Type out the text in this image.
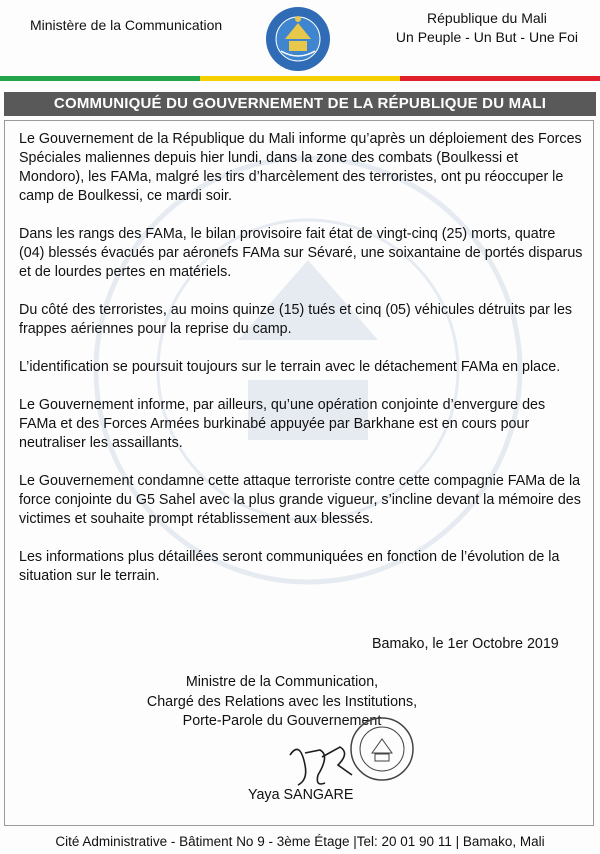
Ministère de la Communication	République du Mali
Un Peuple - Un But - Une Foi
COMMUNIQUÉ DU GOUVERNEMENT DE LA RÉPUBLIQUE DU MALI

Le Gouvernement de la République du Mali informe qu’après un déploiement des Forces Spéciales maliennes depuis hier lundi, dans la zone des combats (Boulkessi et Mondoro), les FAMa, malgré les tirs d’harcèlement des terroristes, ont pu réoccuper le camp de Boulkessi, ce mardi soir.

Dans les rangs des FAMa, le bilan provisoire fait état de vingt-cinq (25) morts, quatre (04) blessés évacués par aéronefs FAMa sur Sévaré, une soixantaine de portés disparus et de lourdes pertes en matériels.

Du côté des terroristes, au moins quinze (15) tués et cinq (05) véhicules détruits par les frappes aériennes pour la reprise du camp.

L’identification se poursuit toujours sur le terrain avec le détachement FAMa en place.

Le Gouvernement informe, par ailleurs, qu’une opération conjointe d’envergure des FAMa et des Forces Armées burkinabé appuyée par Barkhane est en cours pour neutraliser les assaillants.

Le Gouvernement condamne cette attaque terroriste contre cette compagnie FAMa de la force conjointe du G5 Sahel avec la plus grande vigueur, s’incline devant la mémoire des victimes et souhaite prompt rétablissement aux blessés.

Les informations plus détaillées seront communiquées en fonction de l’évolution de la situation sur le terrain.

Bamako, le 1er Octobre 2019
Ministre de la Communication,
Chargé des Relations avec les Institutions,
Porte-Parole du Gouvernement
Yaya SANGARE
Cité Administrative - Bâtiment No 9 - 3ème Étage |Tel: 20 01 90 11 | Bamako, Mali
